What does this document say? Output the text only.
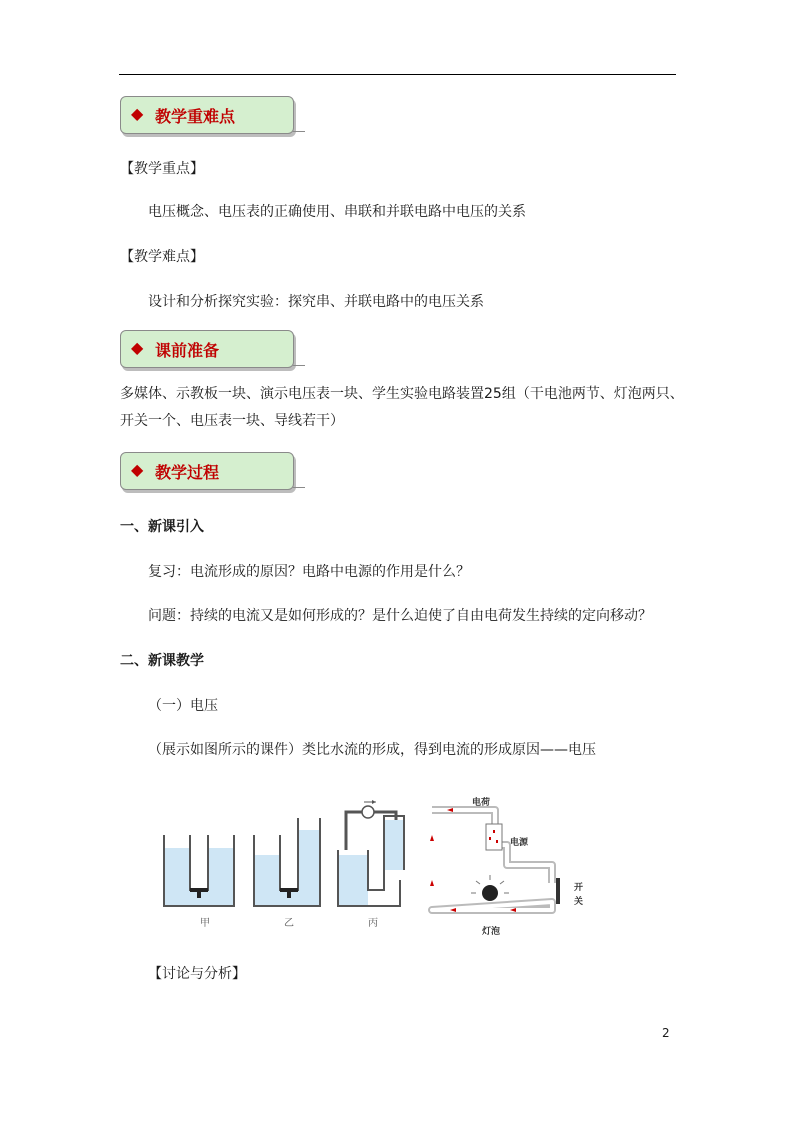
◆ 教学重难点
【教学重点】
电压概念、电压表的正确使用、串联和并联电路中电压的关系
【教学难点】
设计和分析探究实验：探究串、并联电路中的电压关系
◆ 课前准备
多媒体、示教板一块、演示电压表一块、学生实验电路装置25组（干电池两节、灯泡两只、
开关一个、电压表一块、导线若干）
◆ 教学过程
一、新课引入
复习：电流形成的原因？电路中电源的作用是什么？
问题：持续的电流又是如何形成的？是什么迫使了自由电荷发生持续的定向移动？
二、新课教学
（一）电压
（展示如图所示的课件）类比水流的形成，得到电流的形成原因——电压
甲	乙	丙
电荷
电源
开
关
灯泡
【讨论与分析】
2
